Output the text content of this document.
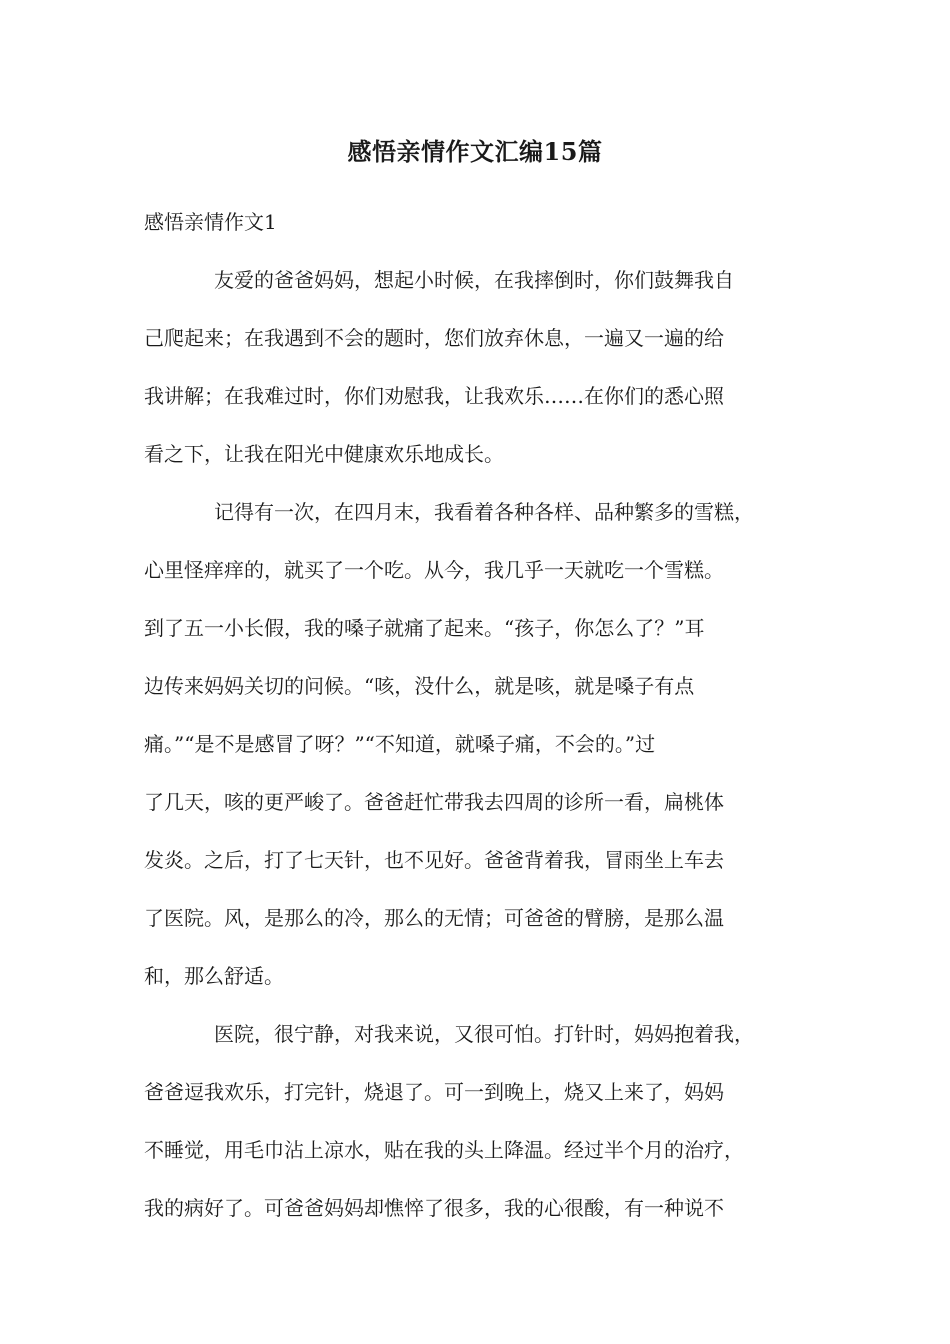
感悟亲情作文汇编15篇
感悟亲情作文1
友爱的爸爸妈妈，想起小时候，在我摔倒时，你们鼓舞我自
己爬起来；在我遇到不会的题时，您们放弃休息，一遍又一遍的给
我讲解；在我难过时，你们劝慰我，让我欢乐……在你们的悉心照
看之下，让我在阳光中健康欢乐地成长。
记得有一次，在四月末，我看着各种各样、品种繁多的雪糕，
心里怪痒痒的，就买了一个吃。从今，我几乎一天就吃一个雪糕。
到了五一小长假，我的嗓子就痛了起来。“孩子，你怎么了？”耳
边传来妈妈关切的问候。“咳，没什么，就是咳，就是嗓子有点
痛。”“是不是感冒了呀？”“不知道，就嗓子痛，不会的。”过
了几天，咳的更严峻了。爸爸赶忙带我去四周的诊所一看，扁桃体
发炎。之后，打了七天针，也不见好。爸爸背着我，冒雨坐上车去
了医院。风，是那么的冷，那么的无情；可爸爸的臂膀，是那么温
和，那么舒适。
医院，很宁静，对我来说，又很可怕。打针时，妈妈抱着我，
爸爸逗我欢乐，打完针，烧退了。可一到晚上，烧又上来了，妈妈
不睡觉，用毛巾沾上凉水，贴在我的头上降温。经过半个月的治疗，
我的病好了。可爸爸妈妈却憔悴了很多，我的心很酸，有一种说不
